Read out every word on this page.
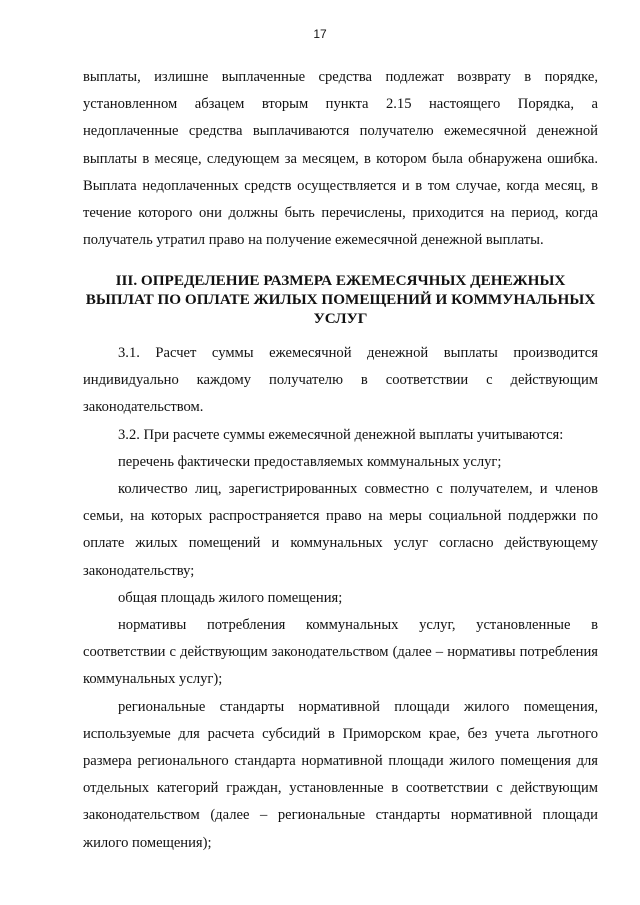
17

выплаты, излишне выплаченные средства подлежат возврату в порядке, установленном абзацем вторым пункта 2.15 настоящего Порядка, а недоплаченные средства выплачиваются получателю ежемесячной денежной выплаты в месяце, следующем за месяцем, в котором была обнаружена ошибка. Выплата недоплаченных средств осуществляется и в том случае, когда месяц, в течение которого они должны быть перечислены, приходится на период, когда получатель утратил право на получение ежемесячной денежной выплаты.

III. ОПРЕДЕЛЕНИЕ РАЗМЕРА ЕЖЕМЕСЯЧНЫХ ДЕНЕЖНЫХ ВЫПЛАТ ПО ОПЛАТЕ ЖИЛЫХ ПОМЕЩЕНИЙ И КОММУНАЛЬНЫХ УСЛУГ

3.1. Расчет суммы ежемесячной денежной выплаты производится индивидуально каждому получателю в соответствии с действующим законодательством.

3.2. При расчете суммы ежемесячной денежной выплаты учитываются:

перечень фактически предоставляемых коммунальных услуг;

количество лиц, зарегистрированных совместно с получателем, и членов семьи, на которых распространяется право на меры социальной поддержки по оплате жилых помещений и коммунальных услуг согласно действующему законодательству;

общая площадь жилого помещения;

нормативы потребления коммунальных услуг, установленные в соответствии с действующим законодательством (далее – нормативы потребления коммунальных услуг);

региональные стандарты нормативной площади жилого помещения, используемые для расчета субсидий в Приморском крае, без учета льготного размера регионального стандарта нормативной площади жилого помещения для отдельных категорий граждан, установленные в соответствии с действующим законодательством (далее – региональные стандарты нормативной площади жилого помещения);
